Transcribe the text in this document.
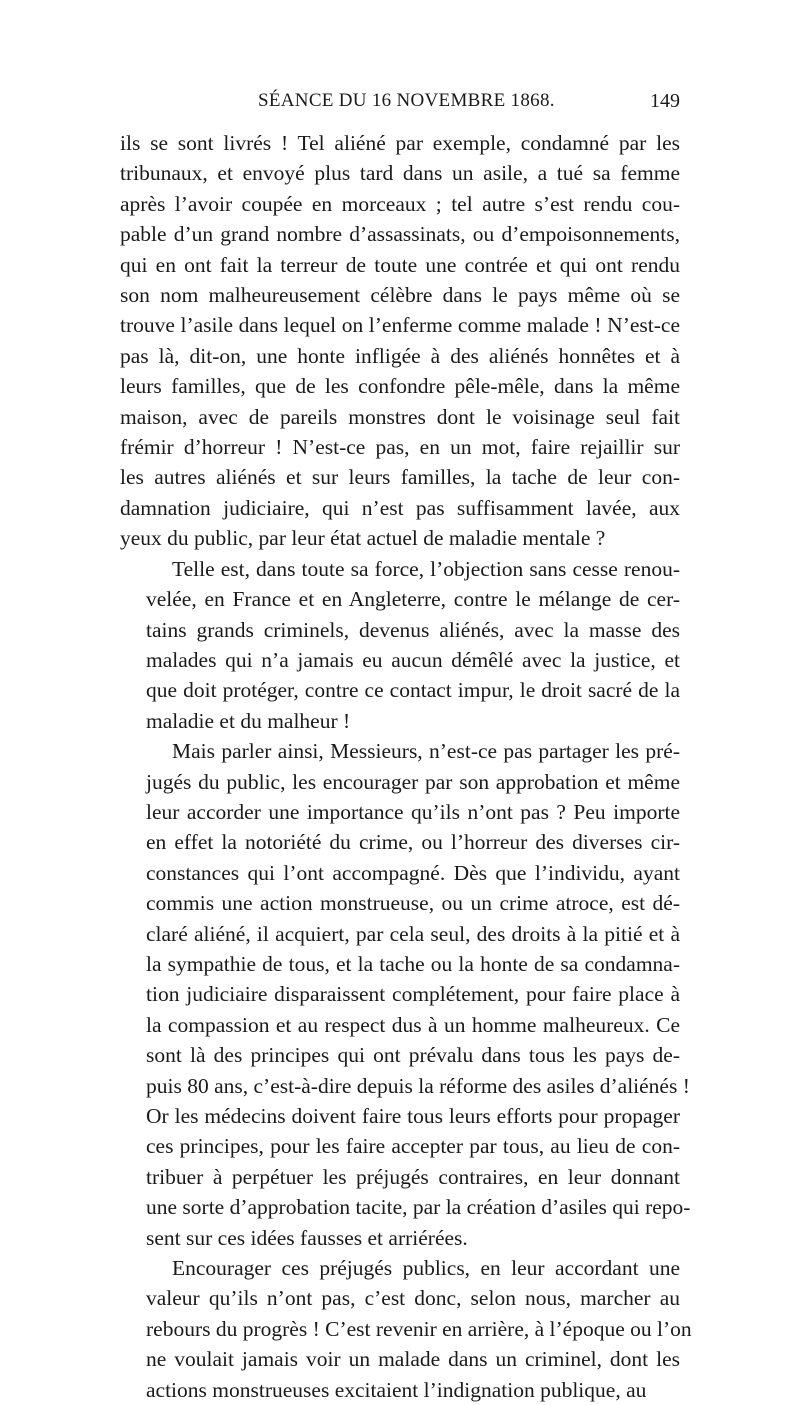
SÉANCE DU 16 NOVEMBRE 1868.	149

ils se sont livrés ! Tel aliéné par exemple, condamné par les
tribunaux, et envoyé plus tard dans un asile, a tué sa femme
après l’avoir coupée en morceaux ; tel autre s’est rendu cou-
pable d’un grand nombre d’assassinats, ou d’empoisonnements,
qui en ont fait la terreur de toute une contrée et qui ont rendu
son nom malheureusement célèbre dans le pays même où se
trouve l’asile dans lequel on l’enferme comme malade ! N’est-ce
pas là, dit-on, une honte infligée à des aliénés honnêtes et à
leurs familles, que de les confondre pêle-mêle, dans la même
maison, avec de pareils monstres dont le voisinage seul fait
frémir d’horreur ! N’est-ce pas, en un mot, faire rejaillir sur
les autres aliénés et sur leurs familles, la tache de leur con-
damnation judiciaire, qui n’est pas suffisamment lavée, aux
yeux du public, par leur état actuel de maladie mentale ?

Telle est, dans toute sa force, l’objection sans cesse renou-
velée, en France et en Angleterre, contre le mélange de cer-
tains grands criminels, devenus aliénés, avec la masse des
malades qui n’a jamais eu aucun démêlé avec la justice, et
que doit protéger, contre ce contact impur, le droit sacré de la
maladie et du malheur !

Mais parler ainsi, Messieurs, n’est-ce pas partager les pré-
jugés du public, les encourager par son approbation et même
leur accorder une importance qu’ils n’ont pas ? Peu importe
en effet la notoriété du crime, ou l’horreur des diverses cir-
constances qui l’ont accompagné. Dès que l’individu, ayant
commis une action monstrueuse, ou un crime atroce, est dé-
claré aliéné, il acquiert, par cela seul, des droits à la pitié et à
la sympathie de tous, et la tache ou la honte de sa condamna-
tion judiciaire disparaissent complétement, pour faire place à
la compassion et au respect dus à un homme malheureux. Ce
sont là des principes qui ont prévalu dans tous les pays de-
puis 80 ans, c’est-à-dire depuis la réforme des asiles d’aliénés !
Or les médecins doivent faire tous leurs efforts pour propager
ces principes, pour les faire accepter par tous, au lieu de con-
tribuer à perpétuer les préjugés contraires, en leur donnant
une sorte d’approbation tacite, par la création d’asiles qui repo-
sent sur ces idées fausses et arriérées.

Encourager ces préjugés publics, en leur accordant une
valeur qu’ils n’ont pas, c’est donc, selon nous, marcher au
rebours du progrès ! C’est revenir en arrière, à l’époque ou l’on
ne voulait jamais voir un malade dans un criminel, dont les
actions monstrueuses excitaient l’indignation publique, au
